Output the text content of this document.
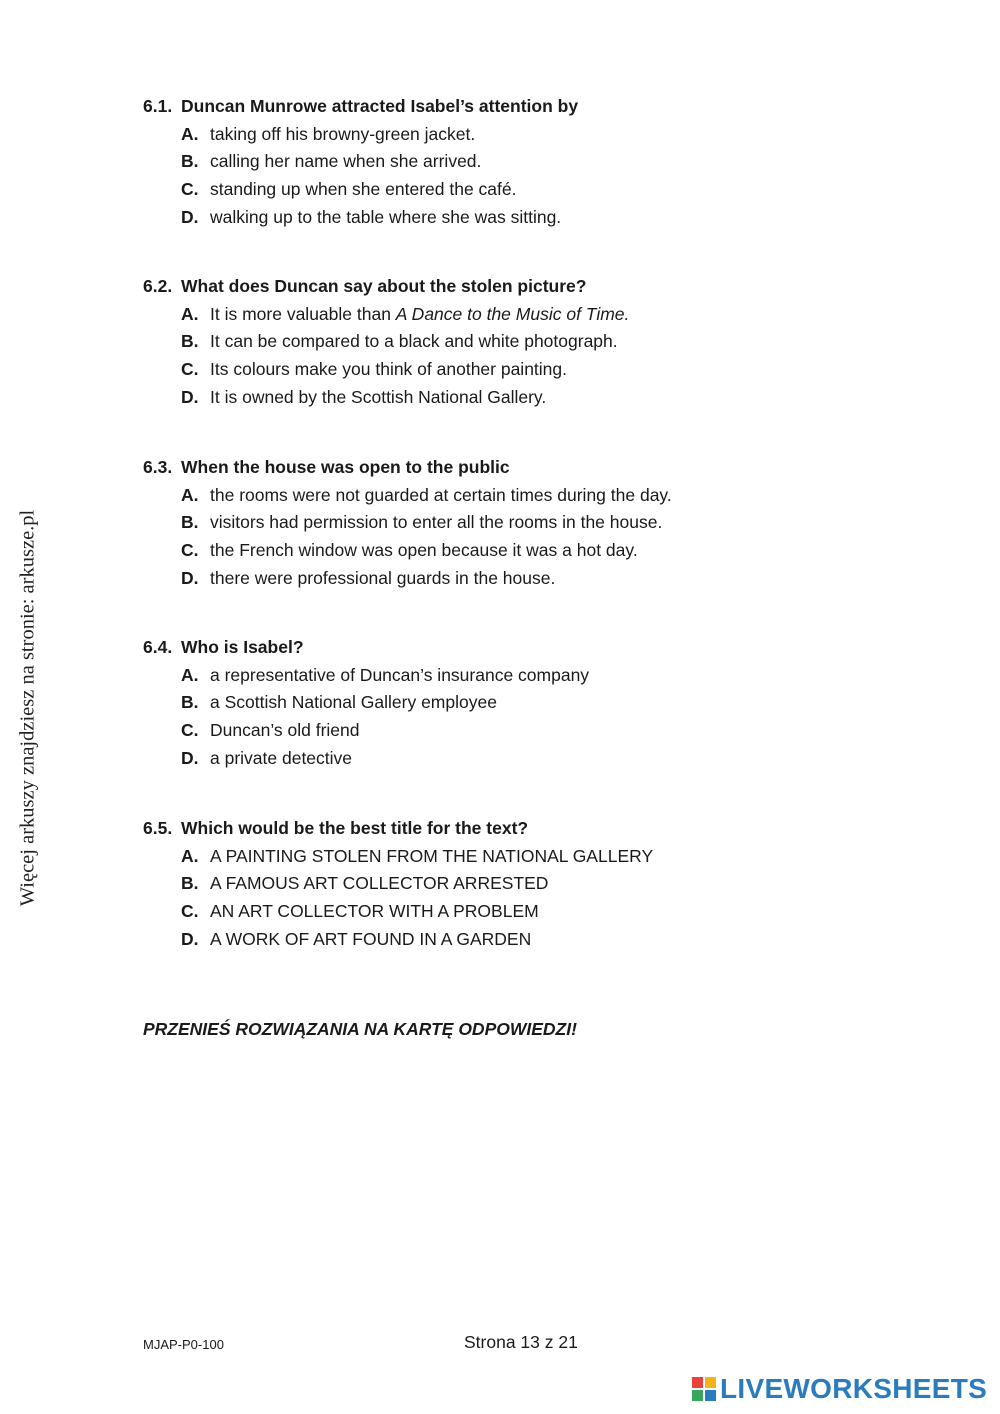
Więcej arkuszy znajdziesz na stronie: arkusze.pl
6.1. Duncan Munrowe attracted Isabel’s attention by
A. taking off his browny-green jacket.
B. calling her name when she arrived.
C. standing up when she entered the café.
D. walking up to the table where she was sitting.
6.2. What does Duncan say about the stolen picture?
A. It is more valuable than A Dance to the Music of Time.
B. It can be compared to a black and white photograph.
C. Its colours make you think of another painting.
D. It is owned by the Scottish National Gallery.
6.3. When the house was open to the public
A. the rooms were not guarded at certain times during the day.
B. visitors had permission to enter all the rooms in the house.
C. the French window was open because it was a hot day.
D. there were professional guards in the house.
6.4. Who is Isabel?
A. a representative of Duncan’s insurance company
B. a Scottish National Gallery employee
C. Duncan’s old friend
D. a private detective
6.5. Which would be the best title for the text?
A. A PAINTING STOLEN FROM THE NATIONAL GALLERY
B. A FAMOUS ART COLLECTOR ARRESTED
C. AN ART COLLECTOR WITH A PROBLEM
D. A WORK OF ART FOUND IN A GARDEN
PRZENIEŚ ROZWIĄZANIA NA KARTĘ ODPOWIEDZI!
MJAP-P0-100	Strona 13 z 21
LIVEWORKSHEETS
